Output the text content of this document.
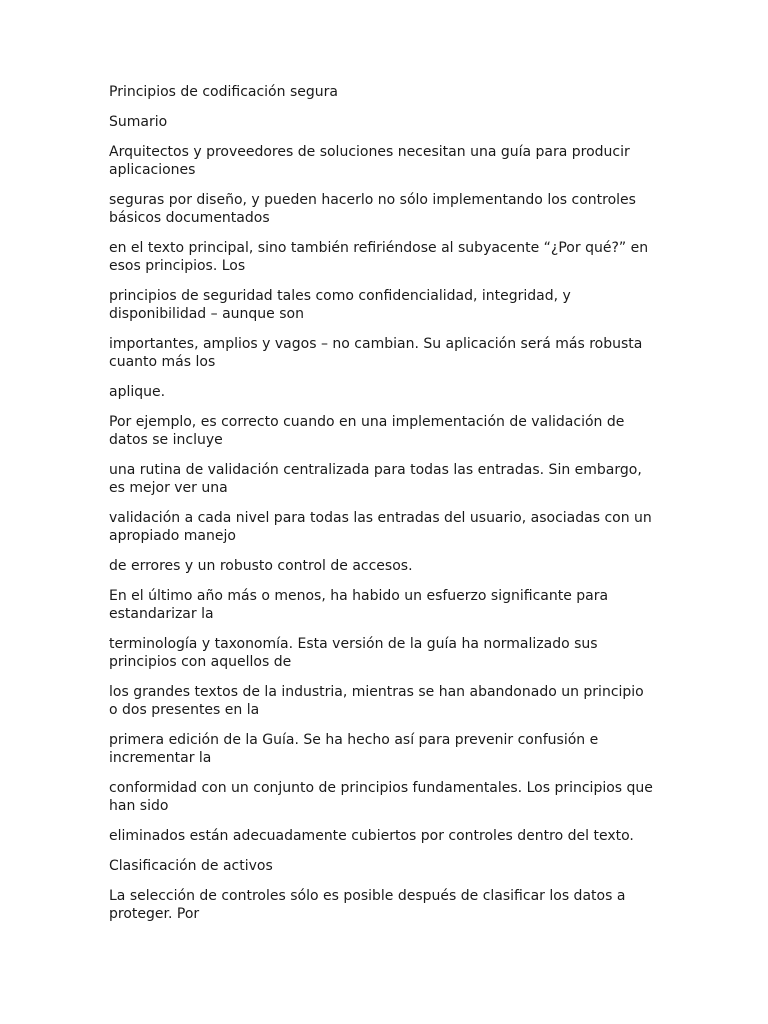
Principios de codificación segura

Sumario

Arquitectos y proveedores de soluciones necesitan una guía para producir aplicaciones

seguras por diseño, y pueden hacerlo no sólo implementando los controles básicos documentados

en el texto principal, sino también refiriéndose al subyacente “¿Por qué?” en esos principios. Los

principios de seguridad tales como confidencialidad, integridad, y disponibilidad – aunque son

importantes, amplios y vagos – no cambian. Su aplicación será más robusta cuanto más los

aplique.

Por ejemplo, es correcto cuando en una implementación de validación de datos se incluye

una rutina de validación centralizada para todas las entradas. Sin embargo, es mejor ver una

validación a cada nivel para todas las entradas del usuario, asociadas con un apropiado manejo

de errores y un robusto control de accesos.

En el último año más o menos, ha habido un esfuerzo significante para estandarizar la

terminología y taxonomía. Esta versión de la guía ha normalizado sus principios con aquellos de

los grandes textos de la industria, mientras se han abandonado un principio o dos presentes en la

primera edición de la Guía. Se ha hecho así para prevenir confusión e incrementar la

conformidad con un conjunto de principios fundamentales. Los principios que han sido

eliminados están adecuadamente cubiertos por controles dentro del texto.

Clasificación de activos

La selección de controles sólo es posible después de clasificar los datos a proteger. Por
